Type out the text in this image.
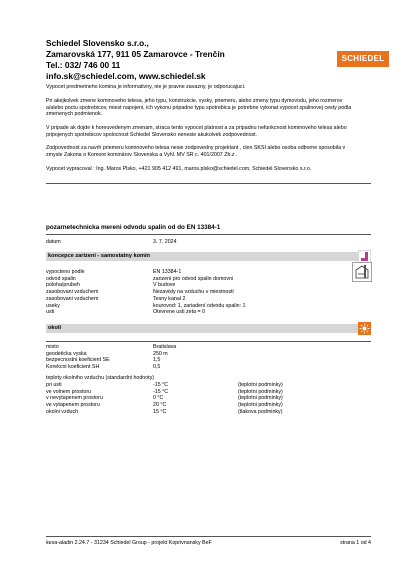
Schiedel Slovensko s.r.o.,
Zamarovská 177, 911 05 Zamarovce - Trenčín
Tel.: 032/ 746 00 11
info.sk@schiedel.com, www.schiedel.sk
SCHIEDEL
Vypocet predmetneho komina je informativny, nie je pravne zavazny, je odporucajuci.
Pri akejkolvek zmene kominoveho telesa, jeho typu, konstrukcie, vysky, priemeru, alebo zmeny typu dymovodu, jeho rozmerov a/alebo poctu spotrebicov, miest napojeni, ich vykonu pripadne typu spotrebica je potrebne vykonat vypocet spalinovej cesty podla zmenenych podmienok.
V pripade ak dojde k horeuvedenym zmenam, straca tento vypocet platnost a za pripadnu nefunkcnost kominoveho telesa alebo pripojenych spotrebicov spolocnost Schiedel Slovensko nenesie akukolvek zodpovednost.
Zodpovednost za navrh priemeru kominoveho telesa nesie zodpovedny projektant , clen SKSI alebo osoba odborne sposobila v zmysle Zakona o Komore kominárov Slovenska a Vyhl. MV SR c. 401/2007 Zb.z .
Vypocet vypracoval : Ing. Maros Plsko, +421 905 412 491, maros.plsko@schiedel.com, Schiedel Slovensko s.r.o.
pozarnetechnicka mereni odvodu spalin od do EN 13384-1
datum	3. 7. 2024
koncepce zarizeni - samostatny komin
vypocteno podle	EN 13384-1
odvod spalin	zarizeni pro odvod spalin domovni
poloha/prubeh	V budove
zasobovani vzduchem	Nezavisly na vzduchu v miestnosti
zasobovani vzduchem	Tesny kanal 2
useky	kourovod: 1, zariadení odvodu spalin: 1
usti	Otevrene usti zeta = 0
okoli
misto	Bratislava
geodeticka vyska	250 m
bezpecnostni koeficient SE	1,5
Korekcni koeficient SH	0,5
teploty okolniho vzduchu (standardni hodnoty)
pri usti	-15 °C	(teplotni podminky)
ve volnem prostoru	-15 °C	(teplotni podminky)
v nevytapenem prostoru	0 °C	(teplotni podminky)
ve vytapenem prostoru	20 °C	(teplotni podminky)
okolni vzduch	15 °C	(tlakova podminky)
kesa-aladin 2.24.7 - 31234 Schiedel Group - projekt Koprivnansky BeF	strana 1 od 4
